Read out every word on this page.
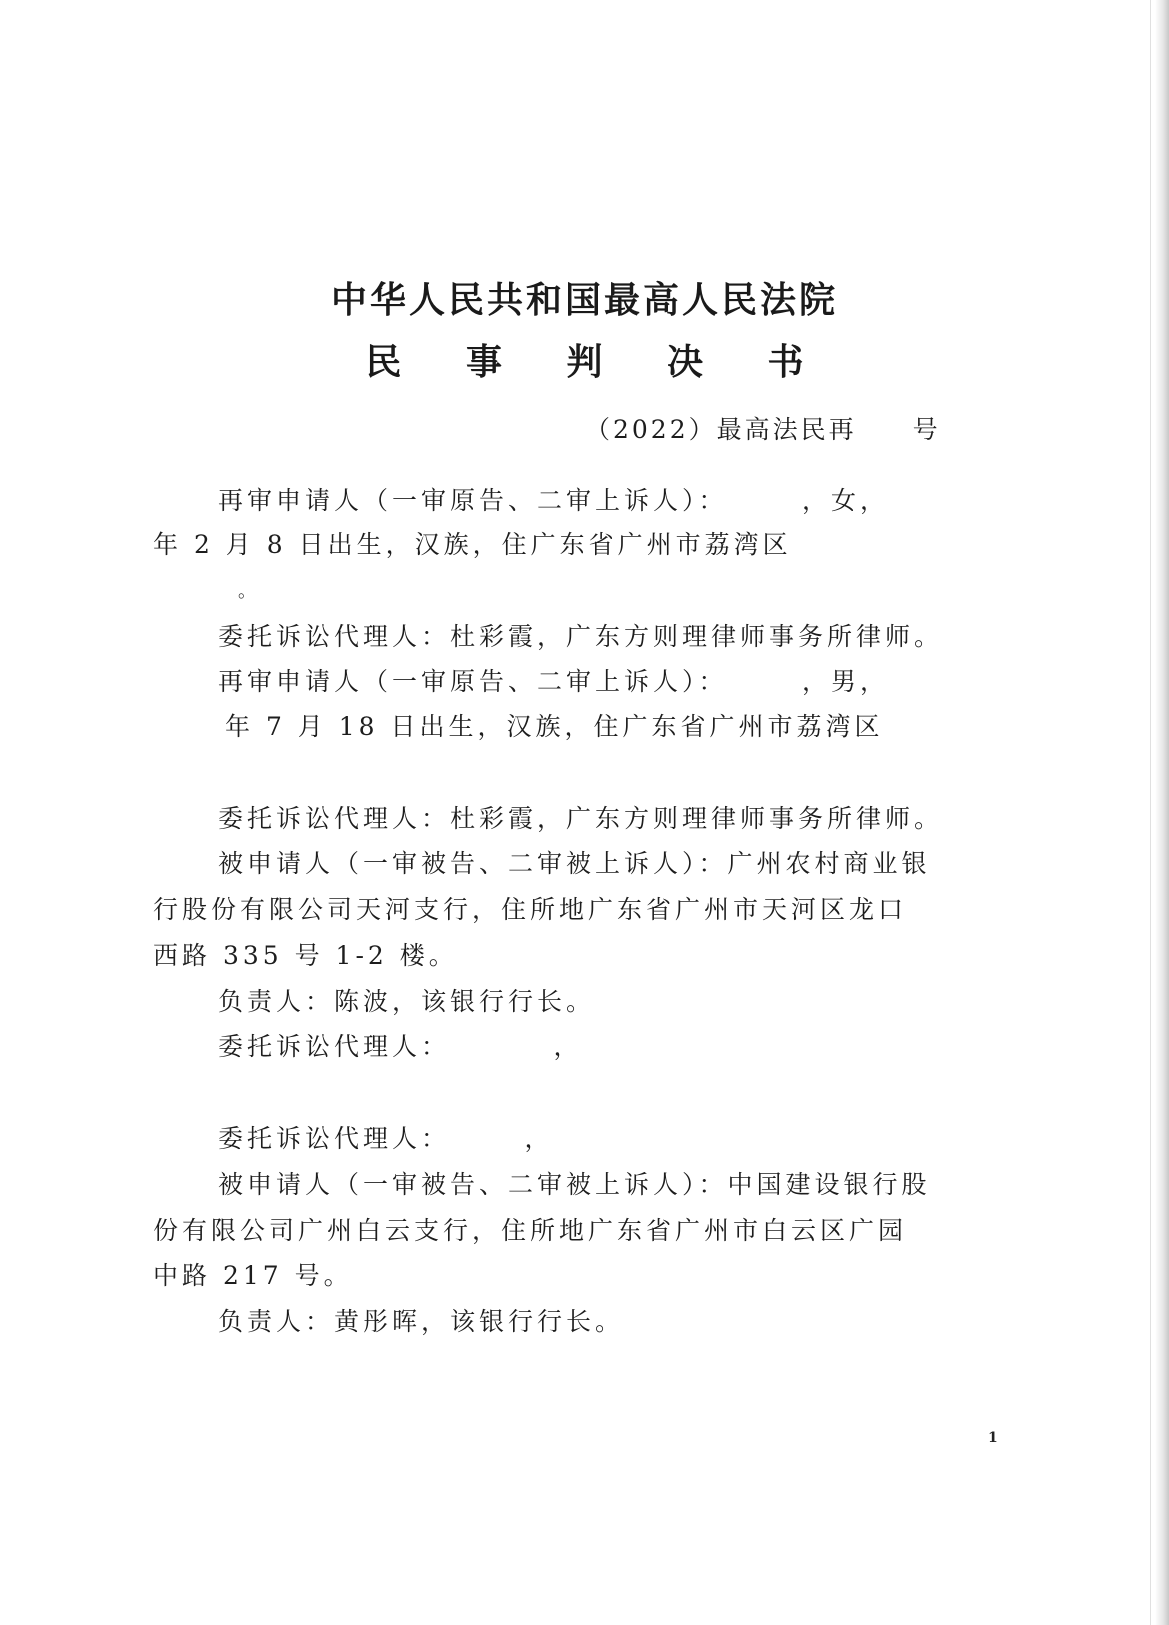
中华人民共和国最高人民法院
民 事 判 决 书
（2022）最高法民再　　号
再审申请人（一审原告、二审上诉人）：　　　，女，
年 2 月 8 日出生，汉族，住广东省广州市荔湾区
。
委托诉讼代理人：杜彩霞，广东方则理律师事务所律师。
再审申请人（一审原告、二审上诉人）：　　　，男，
年 7 月 18 日出生，汉族，住广东省广州市荔湾区
委托诉讼代理人：杜彩霞，广东方则理律师事务所律师。
被申请人（一审被告、二审被上诉人）：广州农村商业银
行股份有限公司天河支行，住所地广东省广州市天河区龙口
西路 335 号 1-2 楼。
负责人：陈波，该银行行长。
委托诉讼代理人：　　　　，
委托诉讼代理人：　　　，
被申请人（一审被告、二审被上诉人）：中国建设银行股
份有限公司广州白云支行，住所地广东省广州市白云区广园
中路 217 号。
负责人：黄彤晖，该银行行长。
1
